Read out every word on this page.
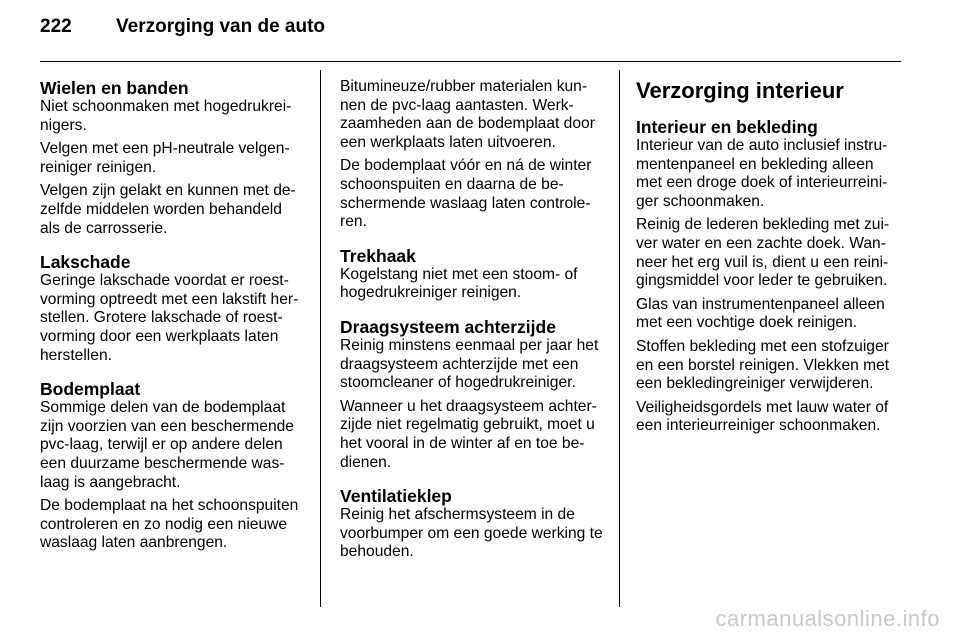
222	Verzorging van de auto
Wielen en banden

Niet schoonmaken met hogedrukrei-nigers.

Velgen met een pH-neutrale velgen-reiniger reinigen.

Velgen zijn gelakt en kunnen met de-zelfde middelen worden behandeld als de carrosserie.

Lakschade

Geringe lakschade voordat er roest-vorming optreedt met een lakstift her-stellen. Grotere lakschade of roest-vorming door een werkplaats laten herstellen.

Bodemplaat

Sommige delen van de bodemplaat zijn voorzien van een beschermende pvc-laag, terwijl er op andere delen een duurzame beschermende was-laag is aangebracht.

De bodemplaat na het schoonspuiten controleren en zo nodig een nieuwe waslaag laten aanbrengen.

Bitumineuze/rubber materialen kun-nen de pvc-laag aantasten. Werk-zaamheden aan de bodemplaat door een werkplaats laten uitvoeren.

De bodemplaat vóór en ná de winter schoonspuiten en daarna de be-schermende waslaag laten controle-ren.

Trekhaak

Kogelstang niet met een stoom- of hogedrukreiniger reinigen.

Draagsysteem achterzijde

Reinig minstens eenmaal per jaar het draagsysteem achterzijde met een stoomcleaner of hogedrukreiniger.

Wanneer u het draagsysteem achter-zijde niet regelmatig gebruikt, moet u het vooral in de winter af en toe be-dienen.

Ventilatieklep

Reinig het afschermsysteem in de voorbumper om een goede werking te behouden.

Verzorging interieur
Interieur en bekleding

Interieur van de auto inclusief instru-mentenpaneel en bekleding alleen met een droge doek of interieurreini-ger schoonmaken.

Reinig de lederen bekleding met zui-ver water en een zachte doek. Wan-neer het erg vuil is, dient u een reini-gingsmiddel voor leder te gebruiken.

Glas van instrumentenpaneel alleen met een vochtige doek reinigen.

Stoffen bekleding met een stofzuiger en een borstel reinigen. Vlekken met een bekledingreiniger verwijderen.

Veiligheidsgordels met lauw water of een interieurreiniger schoonmaken.

carmanualsonline.info
